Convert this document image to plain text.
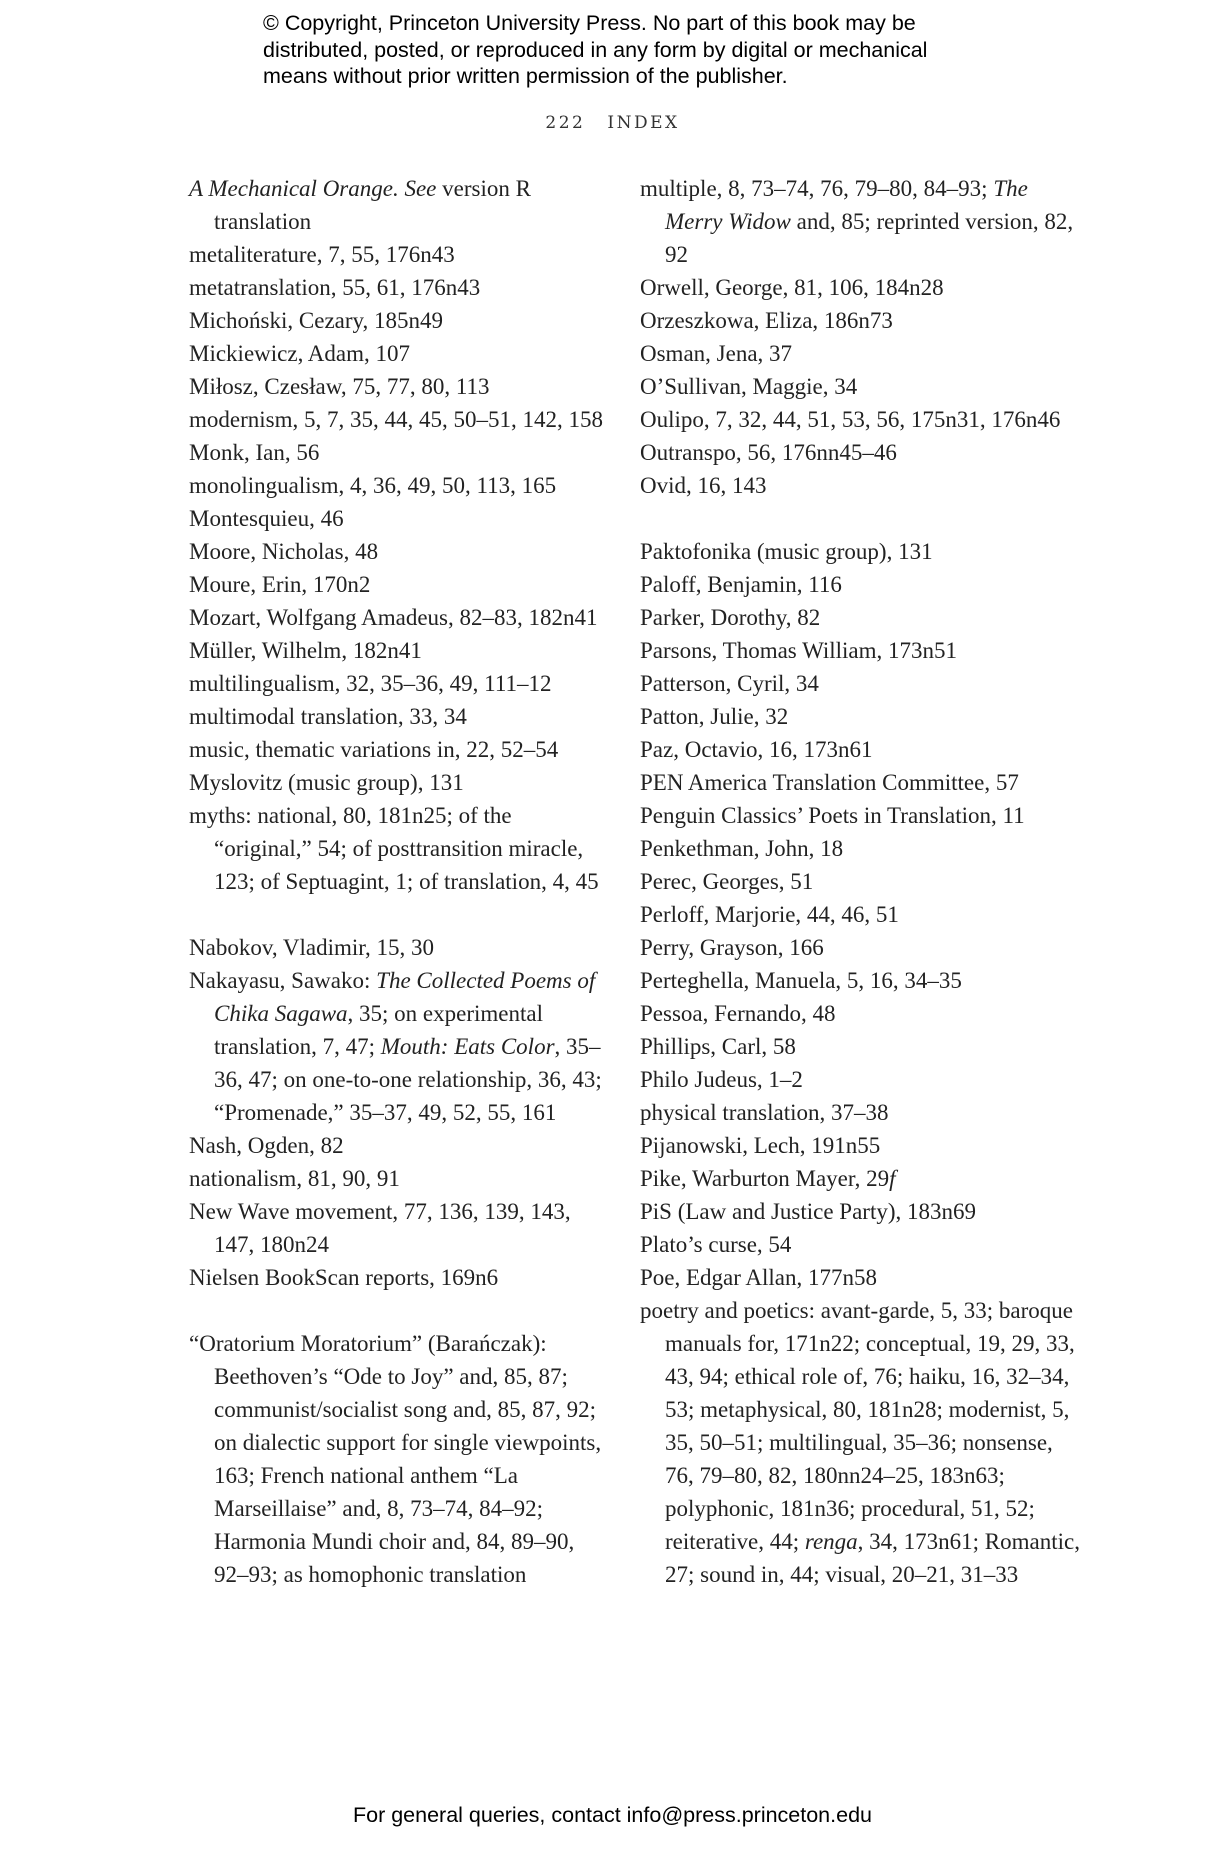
© Copyright, Princeton University Press. No part of this book may be
distributed, posted, or reproduced in any form by digital or mechanical
means without prior written permission of the publisher.
222 INDEX
A Mechanical Orange. See version R translation
metaliterature, 7, 55, 176n43
metatranslation, 55, 61, 176n43
Michoński, Cezary, 185n49
Mickiewicz, Adam, 107
Miłosz, Czesław, 75, 77, 80, 113
modernism, 5, 7, 35, 44, 45, 50–51, 142, 158
Monk, Ian, 56
monolingualism, 4, 36, 49, 50, 113, 165
Montesquieu, 46
Moore, Nicholas, 48
Moure, Erin, 170n2
Mozart, Wolfgang Amadeus, 82–83, 182n41
Müller, Wilhelm, 182n41
multilingualism, 32, 35–36, 49, 111–12
multimodal translation, 33, 34
music, thematic variations in, 22, 52–54
Myslovitz (music group), 131
myths: national, 80, 181n25; of the “original,” 54; of posttransition miracle, 123; of Septuagint, 1; of translation, 4, 45
Nabokov, Vladimir, 15, 30
Nakayasu, Sawako: The Collected Poems of Chika Sagawa, 35; on experimental translation, 7, 47; Mouth: Eats Color, 35–36, 47; on one-to-one relationship, 36, 43; “Promenade,” 35–37, 49, 52, 55, 161
Nash, Ogden, 82
nationalism, 81, 90, 91
New Wave movement, 77, 136, 139, 143, 147, 180n24
Nielsen BookScan reports, 169n6
“Oratorium Moratorium” (Barańczak): Beethoven’s “Ode to Joy” and, 85, 87; communist/socialist song and, 85, 87, 92; on dialectic support for single viewpoints, 163; French national anthem “La Marseillaise” and, 8, 73–74, 84–92; Harmonia Mundi choir and, 84, 89–90, 92–93; as homophonic translation
multiple, 8, 73–74, 76, 79–80, 84–93; The Merry Widow and, 85; reprinted version, 82, 92
Orwell, George, 81, 106, 184n28
Orzeszkowa, Eliza, 186n73
Osman, Jena, 37
O’Sullivan, Maggie, 34
Oulipo, 7, 32, 44, 51, 53, 56, 175n31, 176n46
Outranspo, 56, 176nn45–46
Ovid, 16, 143
Paktofonika (music group), 131
Paloff, Benjamin, 116
Parker, Dorothy, 82
Parsons, Thomas William, 173n51
Patterson, Cyril, 34
Patton, Julie, 32
Paz, Octavio, 16, 173n61
PEN America Translation Committee, 57
Penguin Classics’ Poets in Translation, 11
Penkethman, John, 18
Perec, Georges, 51
Perloff, Marjorie, 44, 46, 51
Perry, Grayson, 166
Perteghella, Manuela, 5, 16, 34–35
Pessoa, Fernando, 48
Phillips, Carl, 58
Philo Judeus, 1–2
physical translation, 37–38
Pijanowski, Lech, 191n55
Pike, Warburton Mayer, 29f
PiS (Law and Justice Party), 183n69
Plato’s curse, 54
Poe, Edgar Allan, 177n58
poetry and poetics: avant-garde, 5, 33; baroque manuals for, 171n22; conceptual, 19, 29, 33, 43, 94; ethical role of, 76; haiku, 16, 32–34, 53; metaphysical, 80, 181n28; modernist, 5, 35, 50–51; multilingual, 35–36; nonsense, 76, 79–80, 82, 180nn24–25, 183n63; polyphonic, 181n36; procedural, 51, 52; reiterative, 44; renga, 34, 173n61; Romantic, 27; sound in, 44; visual, 20–21, 31–33
For general queries, contact info@press.princeton.edu
